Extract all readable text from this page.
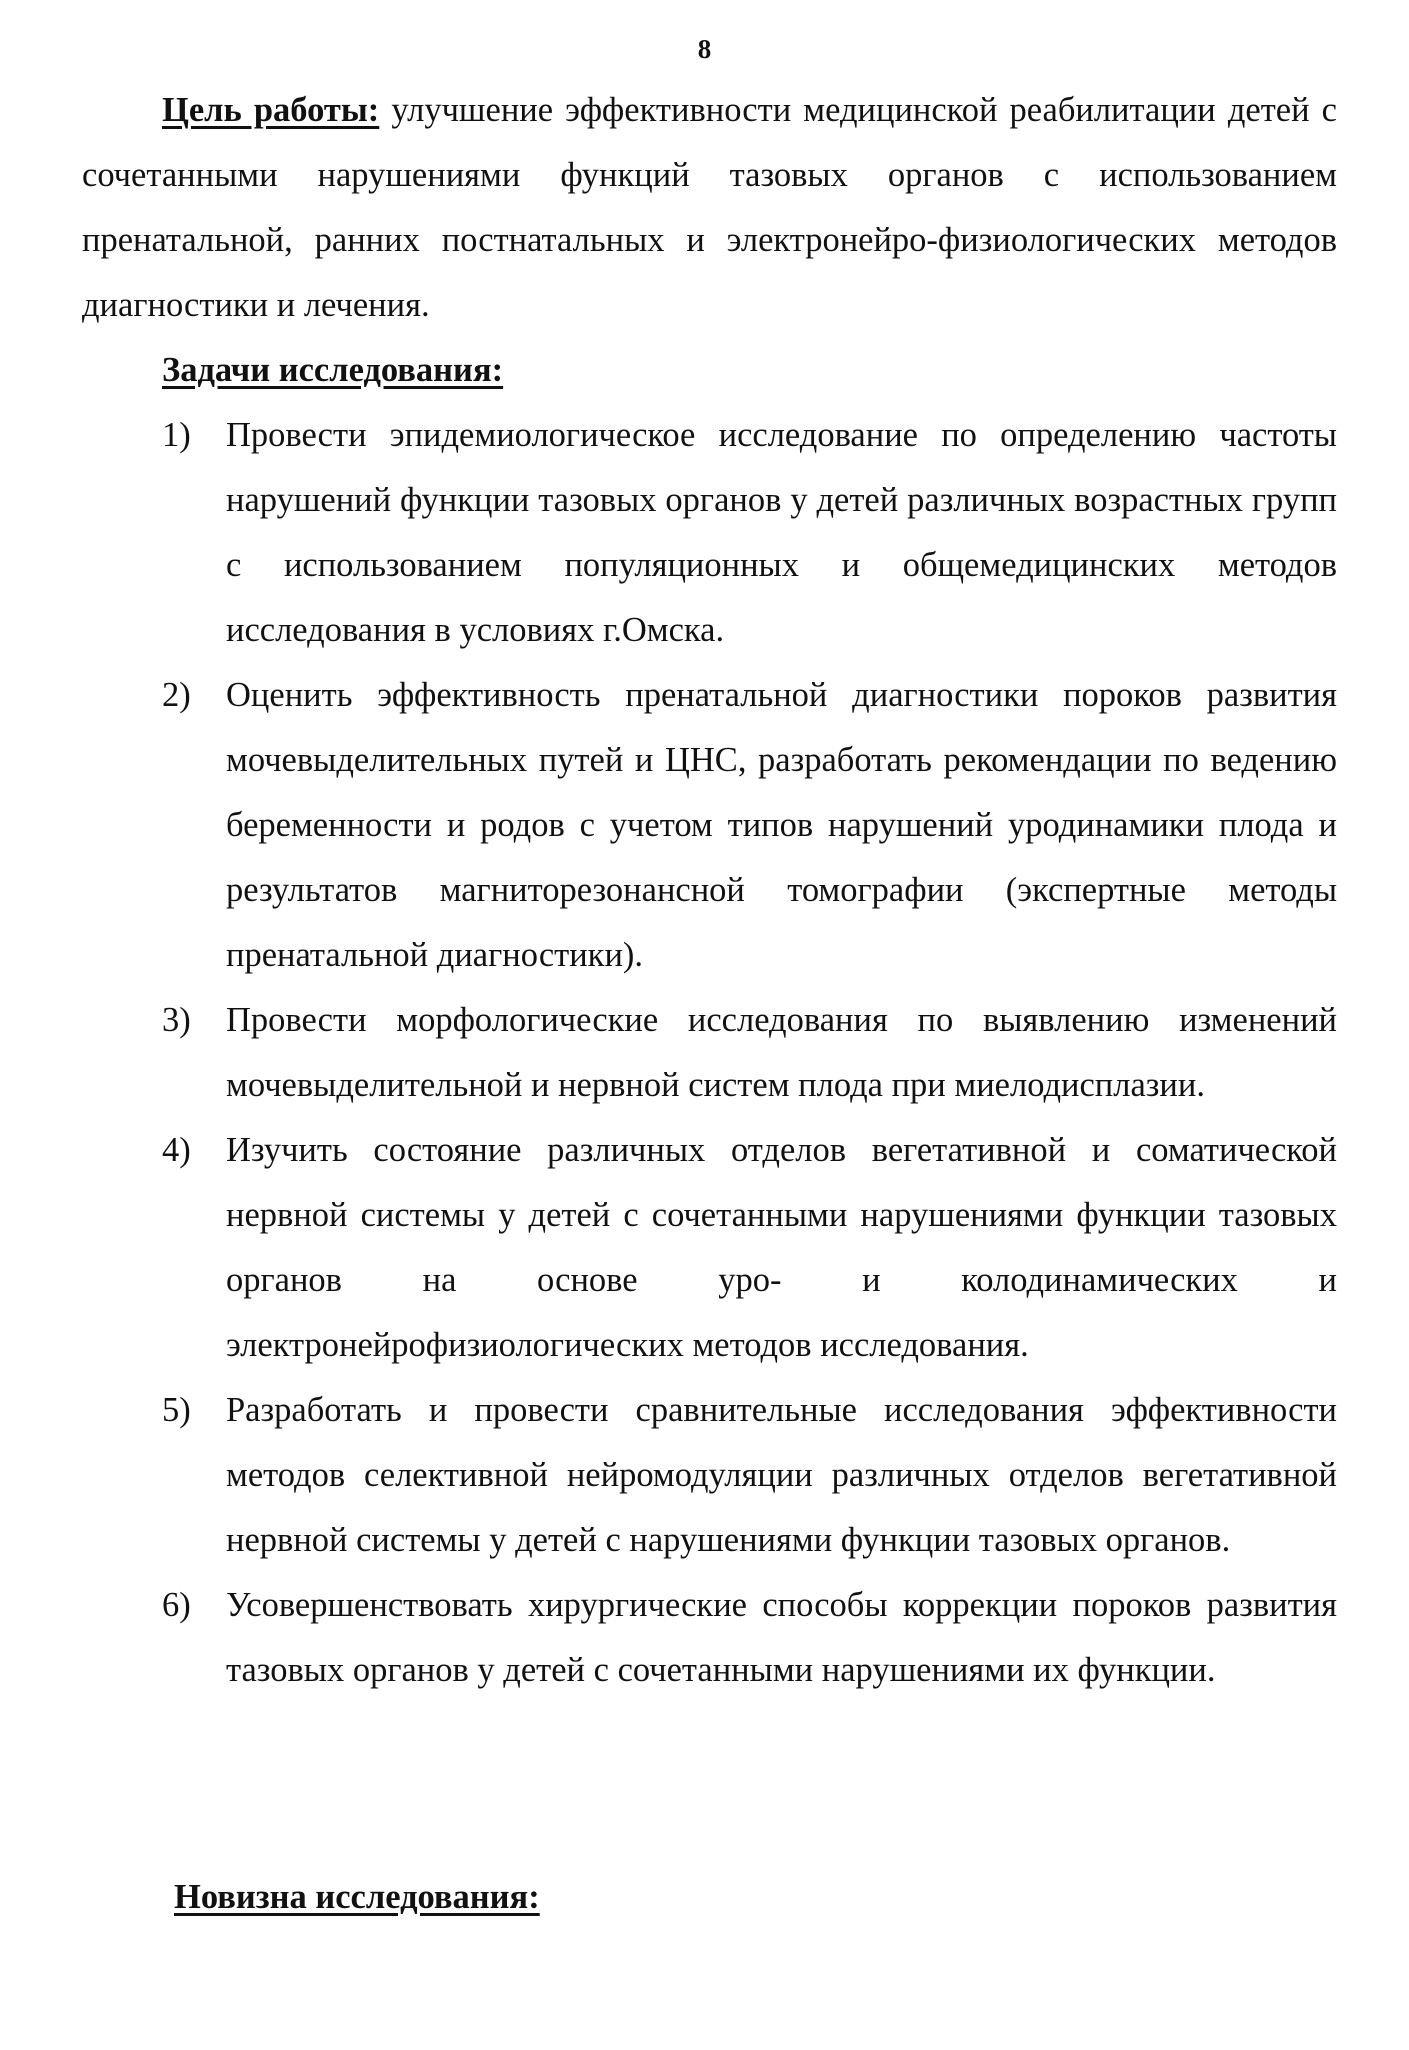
8

Цель работы: улучшение эффективности медицинской реабилитации детей с сочетанными нарушениями функций тазовых органов с использованием пренатальной, ранних постнатальных и электронейро-физиологических методов диагностики и лечения.

Задачи исследования:
1) Провести эпидемиологическое исследование по определению частоты нарушений функции тазовых органов у детей различных возрастных групп с использованием популяционных и общемедицинских методов исследования в условиях г.Омска.
2) Оценить эффективность пренатальной диагностики пороков развития мочевыделительных путей и ЦНС, разработать рекомендации по ведению беременности и родов с учетом типов нарушений уродинамики плода и результатов магниторезонансной томографии (экспертные методы пренатальной диагностики).
3) Провести морфологические исследования по выявлению изменений мочевыделительной и нервной систем плода при миелодисплазии.
4) Изучить состояние различных отделов вегетативной и соматической нервной системы у детей с сочетанными нарушениями функции тазовых органов на основе уро- и колодинамических и электронейрофизиологических методов исследования.
5) Разработать и провести сравнительные исследования эффективности методов селективной нейромодуляции различных отделов вегетативной нервной системы у детей с нарушениями функции тазовых органов.
6) Усовершенствовать хирургические способы коррекции пороков развития тазовых органов у детей с сочетанными нарушениями их функции.
Новизна исследования:
